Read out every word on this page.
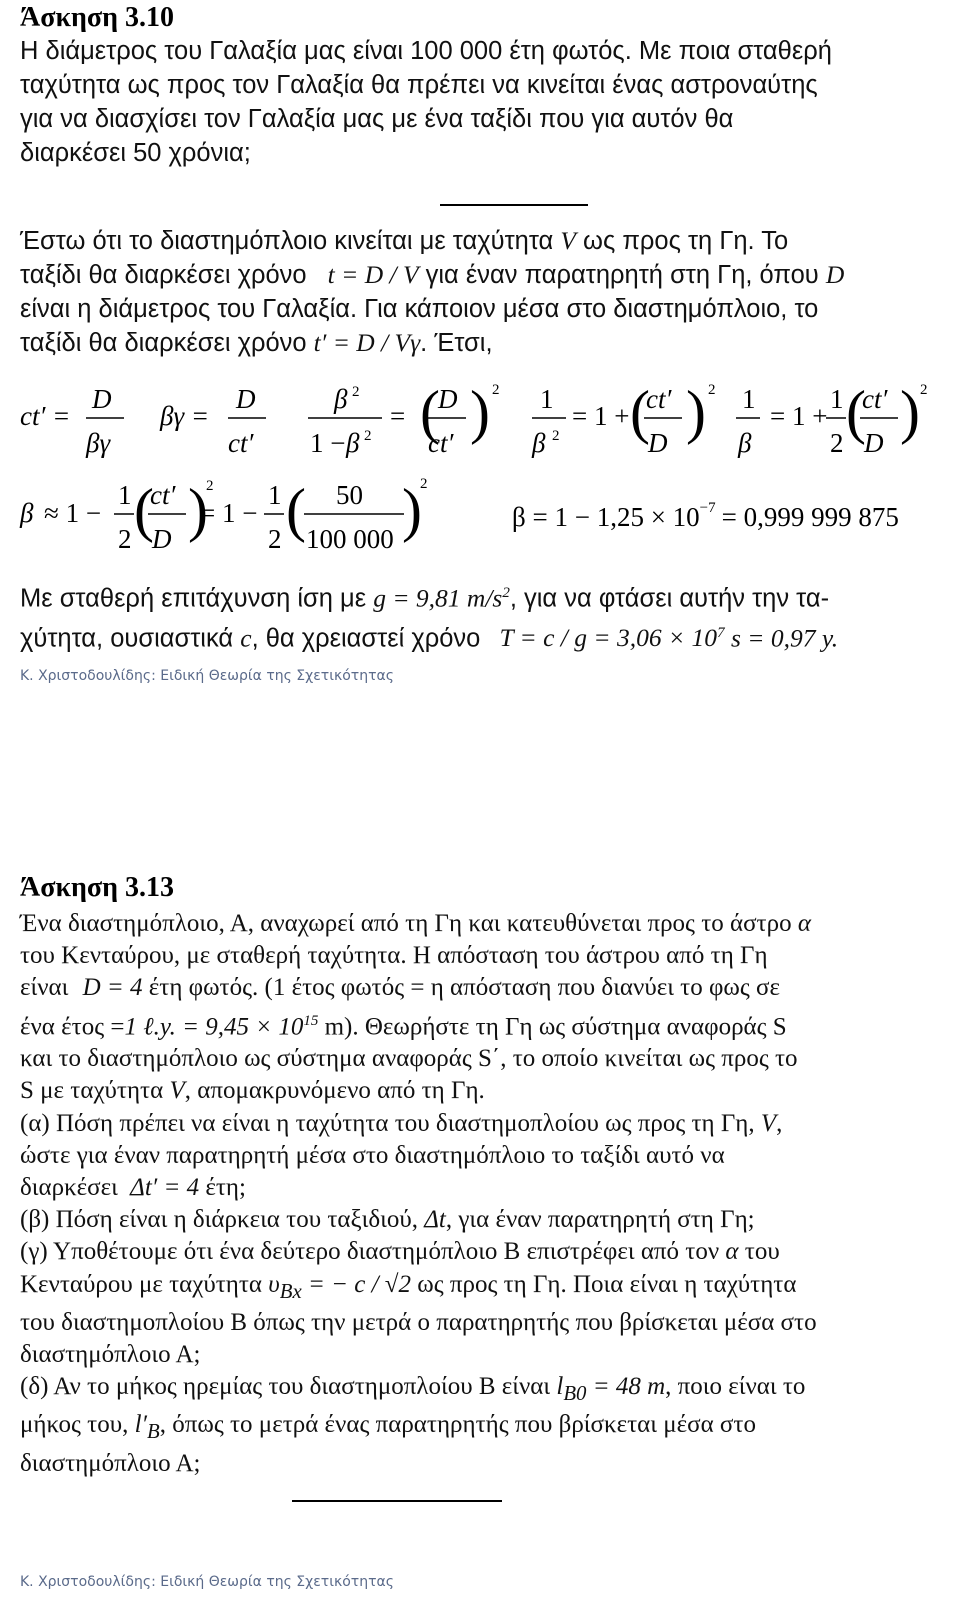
Άσκηση 3.10

Η διάμετρος του Γαλαξία μας είναι 100 000 έτη φωτός. Με ποια σταθερή
ταχύτητα ως προς τον Γαλαξία θα πρέπει να κινείται ένας αστροναύτης
για να διασχίσει τον Γαλαξία μας με ένα ταξίδι που για αυτόν θα
διαρκέσει 50 χρόνια;

Έστω ότι το διαστημόπλοιο κινείται με ταχύτητα V ως προς τη Γη. Το
ταξίδι θα διαρκέσει χρόνο t = D / V για έναν παρατηρητή στη Γη, όπου D
είναι η διάμετρος του Γαλαξία. Για κάποιον μέσα στο διαστημόπλοιο, το
ταξίδι θα διαρκέσει χρόνο t′ = D / Vγ. Έτσι,

ct′ =
D
βγ
βγ =
D
ct′
β 2
1 − β 2
= (
D
ct′ ) 2 1
β 2
= 1 + (
ct′
D ) 2 1
β
= 1 +
1
2 (
ct′
D ) 2
β ≈ 1 −
1
2 (
ct′
D )
2
= 1 −
1
2 ( 50
100 000 )
2
$\beta = 1 - 1,25 \times 10^{-7} = 0,999$ 999 875

Με σταθερή επιτάχυνση ίση με g = 9,81 $m/s^2$, για να φτάσει αυτήν την τα-
χύτητα, ουσιαστικά c, θα χρειαστεί χρόνο $T = c / g = 3,06 \times 10^7$ s = 0,97 y.

Κ. Χριστοδουλίδης: Ειδική Θεωρία της Σχετικότητας
Άσκηση 3.13

Ένα διαστημόπλοιο, Α, αναχωρεί από τη Γη και κατευθύνεται προς το άστρο α
του Κενταύρου, με σταθερή ταχύτητα. Η απόσταση του άστρου από τη Γη
είναι D = 4 έτη φωτός. (1 έτος φωτός = η απόσταση που διανύει το φως σε
ένα έτος =1 ℓ.y. = $9,45 \times 10^{15}$ m). Θεωρήστε τη Γη ως σύστημα αναφοράς S
και το διαστημόπλοιο ως σύστημα αναφοράς S΄, το οποίο κινείται ως προς το
S με ταχύτητα V, απομακρυνόμενο από τη Γη.
(α) Πόση πρέπει να είναι η ταχύτητα του διαστημοπλοίου ως προς τη Γη, V,
ώστε για έναν παρατηρητή μέσα στο διαστημόπλοιο το ταξίδι αυτό να
διαρκέσει Δt′ = 4 έτη;
(β) Πόση είναι η διάρκεια του ταξιδιού, Δt, για έναν παρατηρητή στη Γη;
(γ) Υποθέτουμε ότι ένα δεύτερο διαστημόπλοιο Β επιστρέφει από τον α του
Κενταύρου με ταχύτητα $\upsilon_{Bx}$ = − c / √2 ως προς τη Γη. Ποια είναι η ταχύτητα
του διαστημοπλοίου Β όπως την μετρά ο παρατηρητής που βρίσκεται μέσα στο
διαστημόπλοιο Α;
(δ) Αν το μήκος ηρεμίας του διαστημοπλοίου Β είναι $l_{B0} = 48$ m, ποιο είναι το
μήκος του, $l'_B$, όπως το μετρά ένας παρατηρητής που βρίσκεται μέσα στο
διαστημόπλοιο Α;

Κ. Χριστοδουλίδης: Ειδική Θεωρία της Σχετικότητας
